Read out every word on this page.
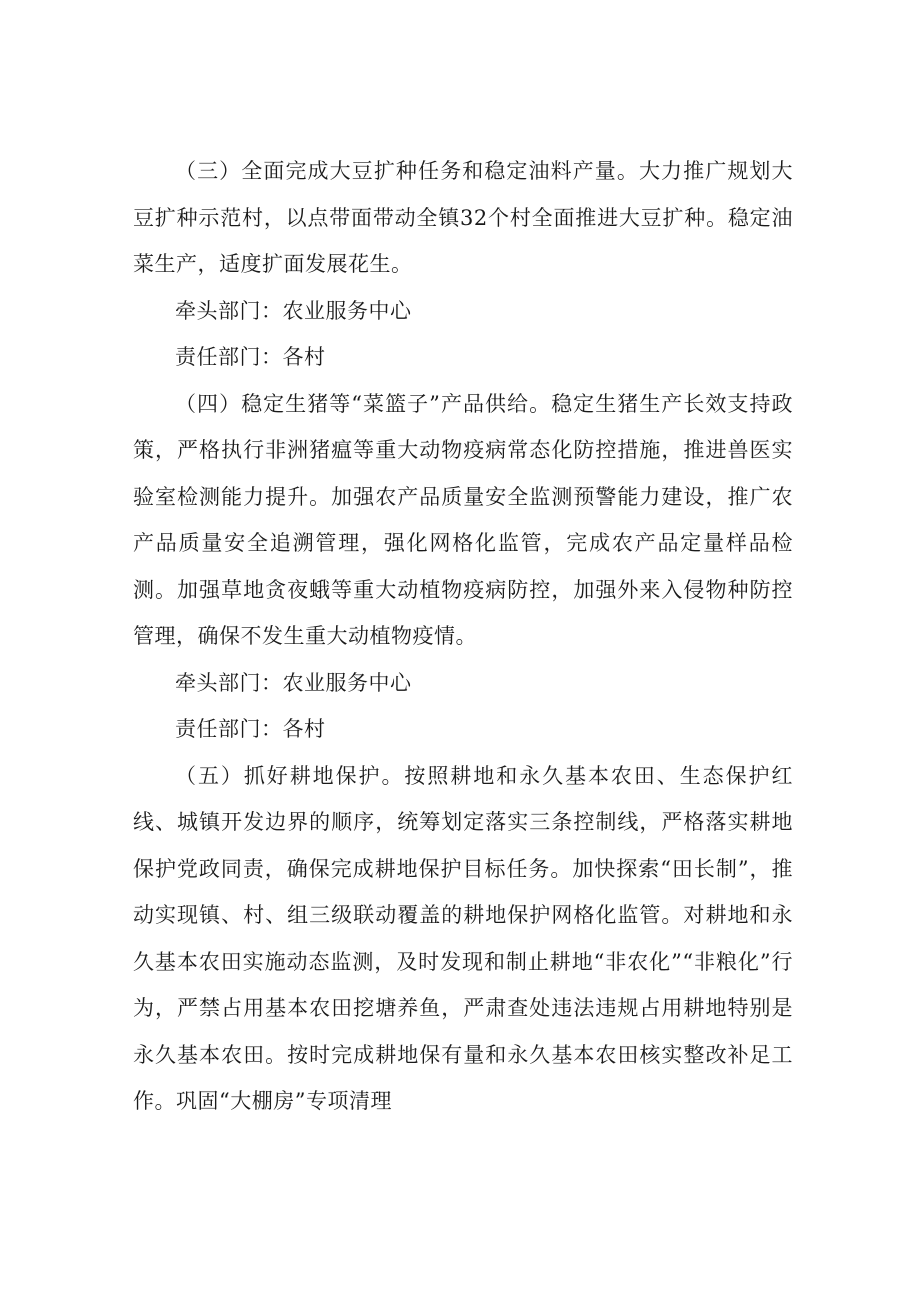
（三）全面完成大豆扩种任务和稳定油料产量。大力推广规划大豆扩种示范村，以点带面带动全镇32个村全面推进大豆扩种。稳定油菜生产，适度扩面发展花生。

牵头部门：农业服务中心

责任部门：各村

（四）稳定生猪等“菜篮子”产品供给。稳定生猪生产长效支持政策，严格执行非洲猪瘟等重大动物疫病常态化防控措施，推进兽医实验室检测能力提升。加强农产品质量安全监测预警能力建设，推广农产品质量安全追溯管理，强化网格化监管，完成农产品定量样品检测。加强草地贪夜蛾等重大动植物疫病防控，加强外来入侵物种防控管理，确保不发生重大动植物疫情。

牵头部门：农业服务中心

责任部门：各村

（五）抓好耕地保护。按照耕地和永久基本农田、生态保护红线、城镇开发边界的顺序，统筹划定落实三条控制线，严格落实耕地保护党政同责，确保完成耕地保护目标任务。加快探索“田长制”，推动实现镇、村、组三级联动覆盖的耕地保护网格化监管。对耕地和永久基本农田实施动态监测，及时发现和制止耕地“非农化”“非粮化”行为，严禁占用基本农田挖塘养鱼，严肃查处违法违规占用耕地特别是永久基本农田。按时完成耕地保有量和永久基本农田核实整改补足工作。巩固“大棚房”专项清理
